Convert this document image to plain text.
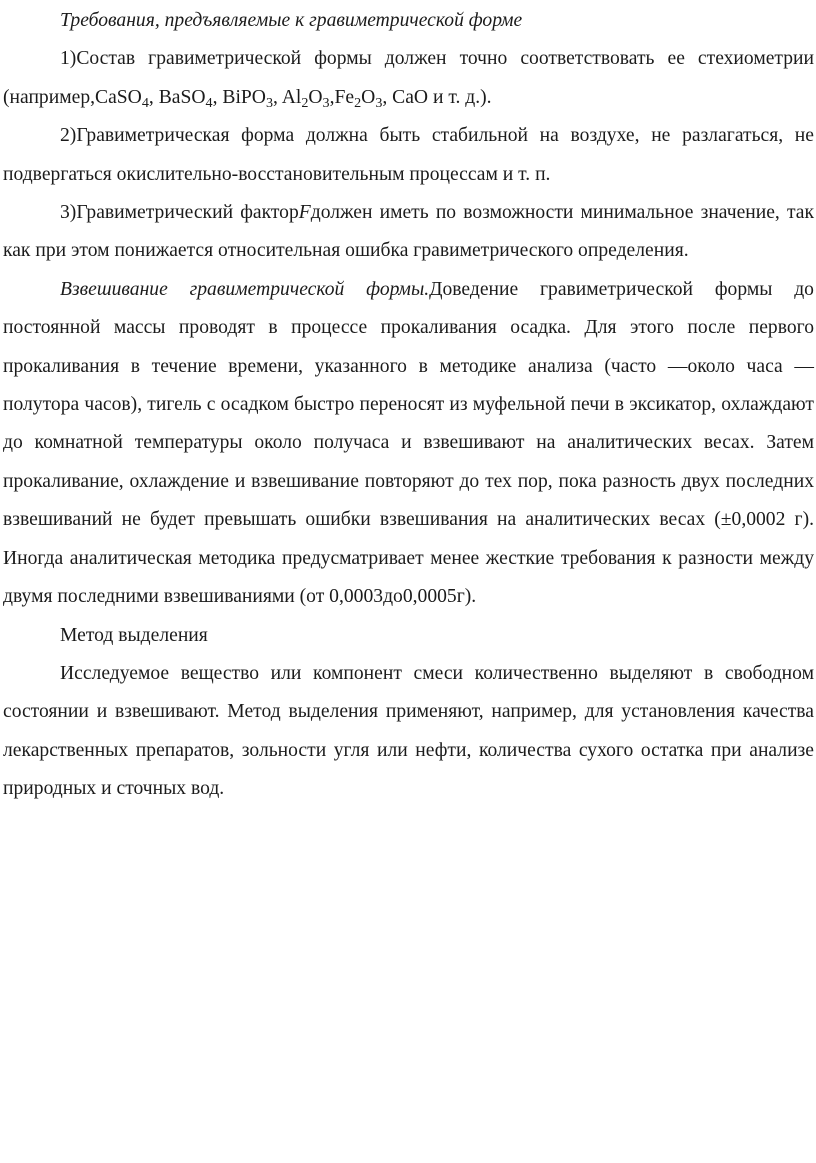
Требования, предъявляемые к гравиметрической форме

1)Состав гравиметрической формы должен точно соответствовать ее стехиометрии (например,CaSO$_4$, BaSO$_4$, BiPO$_3$, $Al_2O_3,Fe_2O_3$, CaO и т. д.).

2)Гравиметрическая форма должна быть стабильной на воздухе, не разлагаться, не подвергаться окислительно-восстановительным процессам и т. п.

3)Гравиметрический факторFдолжен иметь по возможности минимальное значение, так как при этом понижается относительная ошибка гравиметрического определения.

Взвешивание гравиметрической формы.Доведение гравиметрической формы до постоянной массы проводят в процессе прокаливания осадка. Для этого после первого прокаливания в течение времени, указанного в методике анализа (часто —около часа —полутора часов), тигель с осадком быстро переносят из муфельной печи в эксикатор, охлаждают до комнатной температуры около получаса и взвешивают на аналитических весах. Затем прокаливание, охлаждение и взвешивание повторяют до тех пор, пока разность двух последних взвешиваний не будет превышать ошибки взвешивания на аналитических весах (±0,0002 г). Иногда аналитическая методика предусматривает менее жесткие требования к разности между двумя последними взвешиваниями (от 0,0003до0,0005г).

Метод выделения

Исследуемое вещество или компонент смеси количественно выделяют в свободном состоянии и взвешивают. Метод выделения применяют, например, для установления качества лекарственных препаратов, зольности угля или нефти, количества сухого остатка при анализе природных и сточных вод.
